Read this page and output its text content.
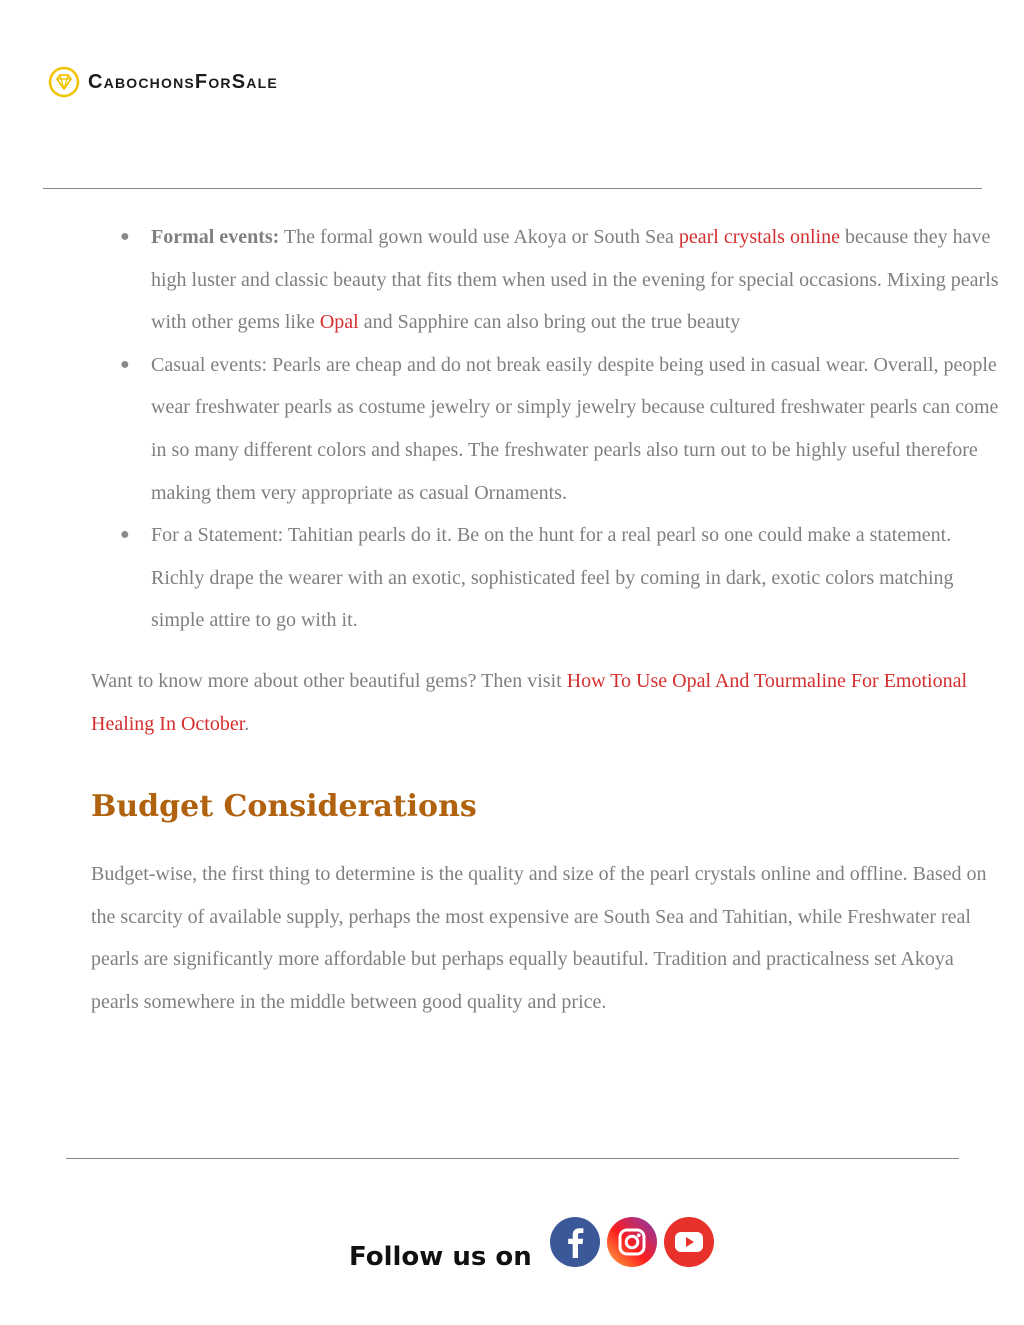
CabochonsForSale
● Formal events: The formal gown would use Akoya or South Sea pearl crystals online because they have high luster and classic beauty that fits them when used in the evening for special occasions. Mixing pearls with other gems like Opal and Sapphire can also bring out the true beauty
● Casual events: Pearls are cheap and do not break easily despite being used in casual wear. Overall, people wear freshwater pearls as costume jewelry or simply jewelry because cultured freshwater pearls can come in so many different colors and shapes. The freshwater pearls also turn out to be highly useful therefore making them very appropriate as casual Ornaments.
● For a Statement: Tahitian pearls do it. Be on the hunt for a real pearl so one could make a statement. Richly drape the wearer with an exotic, sophisticated feel by coming in dark, exotic colors matching simple attire to go with it.

Want to know more about other beautiful gems? Then visit How To Use Opal And Tourmaline For Emotional Healing In October.

Budget Considerations

Budget-wise, the first thing to determine is the quality and size of the pearl crystals online and offline. Based on the scarcity of available supply, perhaps the most expensive are South Sea and Tahitian, while Freshwater real pearls are significantly more affordable but perhaps equally beautiful. Tradition and practicalness set Akoya pearls somewhere in the middle between good quality and price.

Follow us on
